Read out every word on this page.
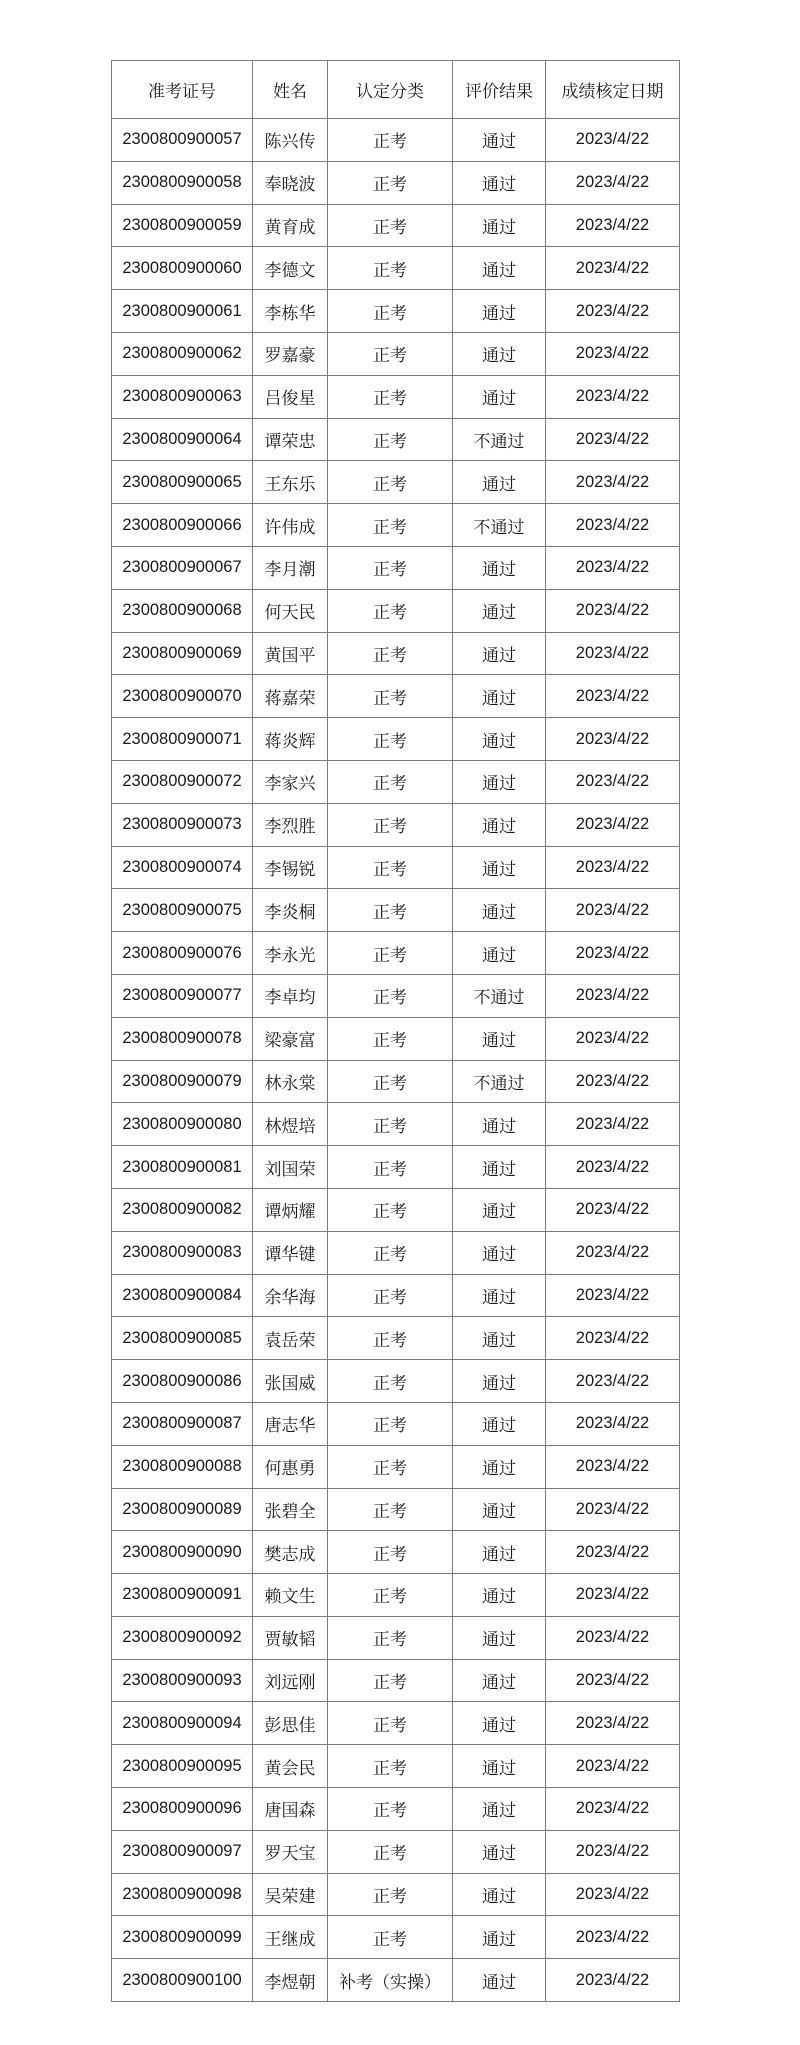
准考证号	姓名	认定分类	评价结果	成绩核定日期
2300800900057	陈兴传	正考	通过	2023/4/22
2300800900058	奉晓波	正考	通过	2023/4/22
2300800900059	黄育成	正考	通过	2023/4/22
2300800900060	李德文	正考	通过	2023/4/22
2300800900061	李栋华	正考	通过	2023/4/22
2300800900062	罗嘉豪	正考	通过	2023/4/22
2300800900063	吕俊星	正考	通过	2023/4/22
2300800900064	谭荣忠	正考	不通过	2023/4/22
2300800900065	王东乐	正考	通过	2023/4/22
2300800900066	许伟成	正考	不通过	2023/4/22
2300800900067	李月潮	正考	通过	2023/4/22
2300800900068	何天民	正考	通过	2023/4/22
2300800900069	黄国平	正考	通过	2023/4/22
2300800900070	蒋嘉荣	正考	通过	2023/4/22
2300800900071	蒋炎辉	正考	通过	2023/4/22
2300800900072	李家兴	正考	通过	2023/4/22
2300800900073	李烈胜	正考	通过	2023/4/22
2300800900074	李锡锐	正考	通过	2023/4/22
2300800900075	李炎桐	正考	通过	2023/4/22
2300800900076	李永光	正考	通过	2023/4/22
2300800900077	李卓均	正考	不通过	2023/4/22
2300800900078	梁豪富	正考	通过	2023/4/22
2300800900079	林永棠	正考	不通过	2023/4/22
2300800900080	林煜培	正考	通过	2023/4/22
2300800900081	刘国荣	正考	通过	2023/4/22
2300800900082	谭炳耀	正考	通过	2023/4/22
2300800900083	谭华键	正考	通过	2023/4/22
2300800900084	余华海	正考	通过	2023/4/22
2300800900085	袁岳荣	正考	通过	2023/4/22
2300800900086	张国威	正考	通过	2023/4/22
2300800900087	唐志华	正考	通过	2023/4/22
2300800900088	何惠勇	正考	通过	2023/4/22
2300800900089	张碧全	正考	通过	2023/4/22
2300800900090	樊志成	正考	通过	2023/4/22
2300800900091	赖文生	正考	通过	2023/4/22
2300800900092	贾敏韬	正考	通过	2023/4/22
2300800900093	刘远刚	正考	通过	2023/4/22
2300800900094	彭思佳	正考	通过	2023/4/22
2300800900095	黄会民	正考	通过	2023/4/22
2300800900096	唐国森	正考	通过	2023/4/22
2300800900097	罗天宝	正考	通过	2023/4/22
2300800900098	吴荣建	正考	通过	2023/4/22
2300800900099	王继成	正考	通过	2023/4/22
2300800900100	李煜朝	补考（实操）	通过	2023/4/22
